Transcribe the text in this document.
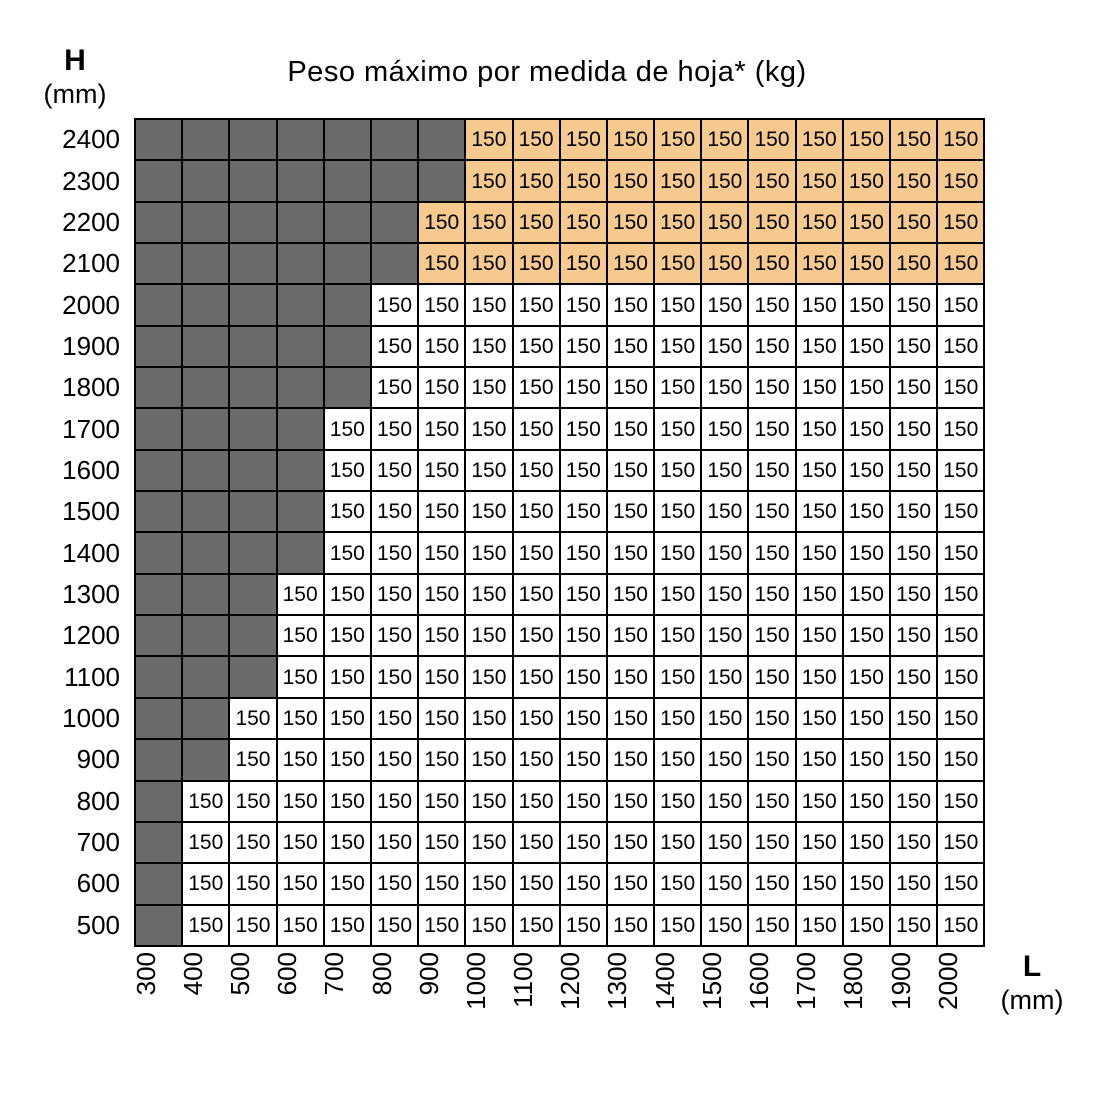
H
(mm)
Peso máximo por medida de hoja* (kg)
2400								150	150	150	150	150	150	150	150	150	150	150
2300								150	150	150	150	150	150	150	150	150	150	150
2200							150	150	150	150	150	150	150	150	150	150	150	150
2100							150	150	150	150	150	150	150	150	150	150	150	150
2000						150	150	150	150	150	150	150	150	150	150	150	150	150
1900						150	150	150	150	150	150	150	150	150	150	150	150	150
1800						150	150	150	150	150	150	150	150	150	150	150	150	150
1700					150	150	150	150	150	150	150	150	150	150	150	150	150	150
1600					150	150	150	150	150	150	150	150	150	150	150	150	150	150
1500					150	150	150	150	150	150	150	150	150	150	150	150	150	150
1400					150	150	150	150	150	150	150	150	150	150	150	150	150	150
1300				150	150	150	150	150	150	150	150	150	150	150	150	150	150	150
1200				150	150	150	150	150	150	150	150	150	150	150	150	150	150	150
1100				150	150	150	150	150	150	150	150	150	150	150	150	150	150	150
1000			150	150	150	150	150	150	150	150	150	150	150	150	150	150	150	150
900			150	150	150	150	150	150	150	150	150	150	150	150	150	150	150	150
800		150	150	150	150	150	150	150	150	150	150	150	150	150	150	150	150	150
700		150	150	150	150	150	150	150	150	150	150	150	150	150	150	150	150	150
600		150	150	150	150	150	150	150	150	150	150	150	150	150	150	150	150	150
500		150	150	150	150	150	150	150	150	150	150	150	150	150	150	150	150	150
300 400 500 600 700 800 900 1000 1100 1200 1300 1400 1500 1600 1700 1800 1900 2000	L
(mm)
